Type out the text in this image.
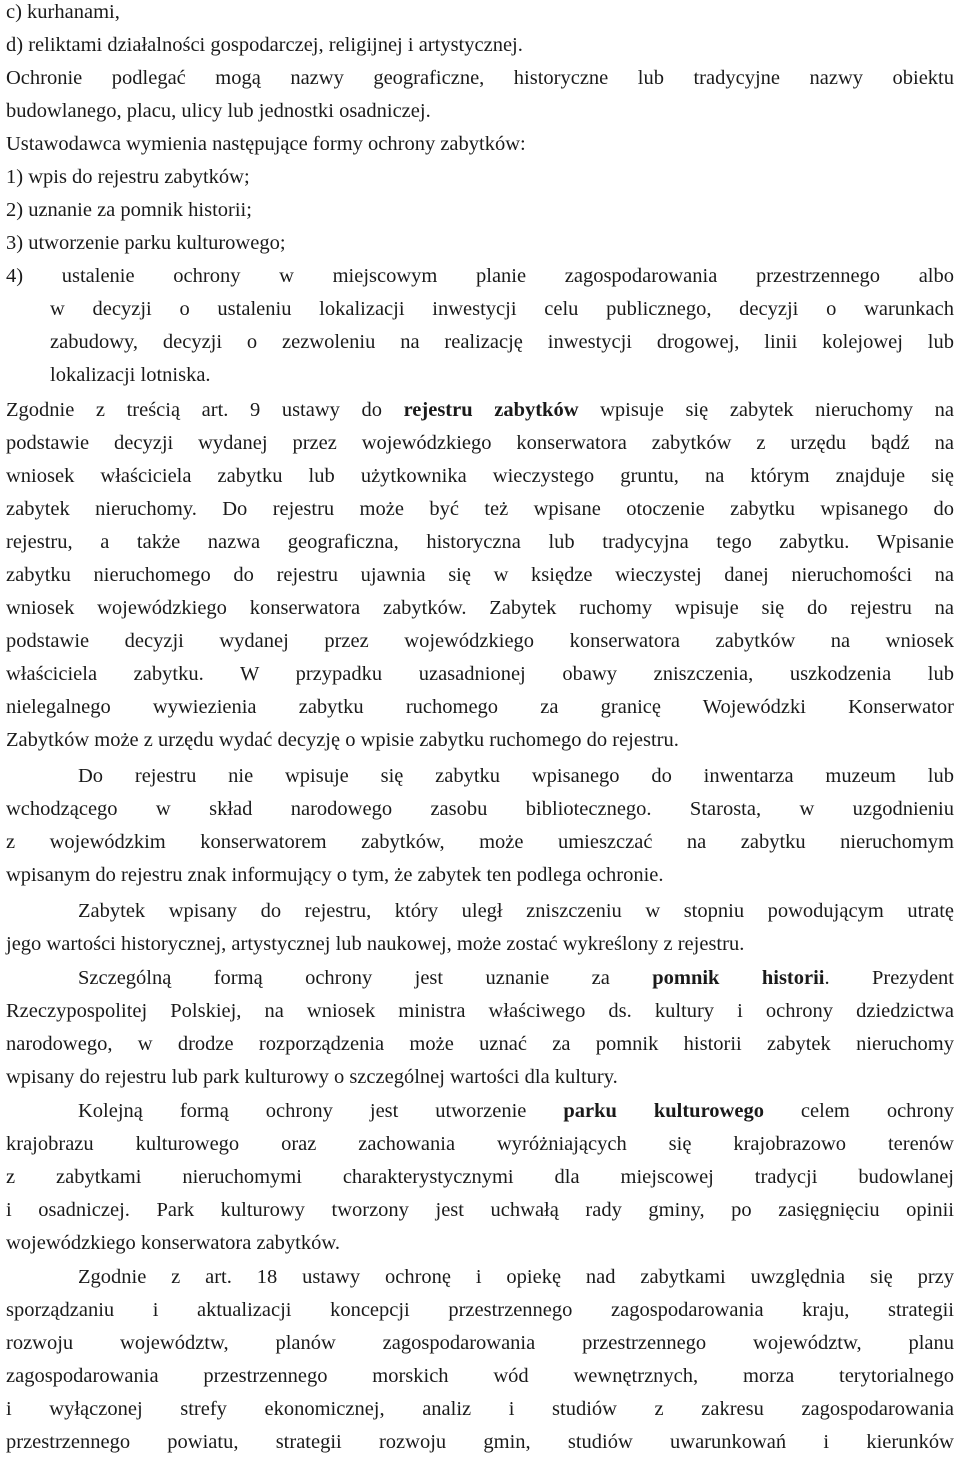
c) kurhanami,
d) reliktami działalności gospodarczej, religijnej i artystycznej.
Ochronie podlegać mogą nazwy geograficzne, historyczne lub tradycyjne nazwy obiektu
budowlanego, placu, ulicy lub jednostki osadniczej.
Ustawodawca wymienia następujące formy ochrony zabytków:
1) wpis do rejestru zabytków;
2) uznanie za pomnik historii;
3) utworzenie parku kulturowego;
4) ustalenie ochrony w miejscowym planie zagospodarowania przestrzennego albo
w decyzji o ustaleniu lokalizacji inwestycji celu publicznego, decyzji o warunkach
zabudowy, decyzji o zezwoleniu na realizację inwestycji drogowej, linii kolejowej lub
lokalizacji lotniska.
Zgodnie z treścią art. 9 ustawy do rejestru zabytków wpisuje się zabytek nieruchomy na
podstawie decyzji wydanej przez wojewódzkiego konserwatora zabytków z urzędu bądź na
wniosek właściciela zabytku lub użytkownika wieczystego gruntu, na którym znajduje się
zabytek nieruchomy. Do rejestru może być też wpisane otoczenie zabytku wpisanego do
rejestru, a także nazwa geograficzna, historyczna lub tradycyjna tego zabytku. Wpisanie
zabytku nieruchomego do rejestru ujawnia się w księdze wieczystej danej nieruchomości na
wniosek wojewódzkiego konserwatora zabytków. Zabytek ruchomy wpisuje się do rejestru na
podstawie decyzji wydanej przez wojewódzkiego konserwatora zabytków na wniosek
właściciela zabytku. W przypadku uzasadnionej obawy zniszczenia, uszkodzenia lub
nielegalnego wywiezienia zabytku ruchomego za granicę Wojewódzki Konserwator
Zabytków może z urzędu wydać decyzję o wpisie zabytku ruchomego do rejestru.
Do rejestru nie wpisuje się zabytku wpisanego do inwentarza muzeum lub
wchodzącego w skład narodowego zasobu bibliotecznego. Starosta, w uzgodnieniu
z wojewódzkim konserwatorem zabytków, może umieszczać na zabytku nieruchomym
wpisanym do rejestru znak informujący o tym, że zabytek ten podlega ochronie.
Zabytek wpisany do rejestru, który uległ zniszczeniu w stopniu powodującym utratę
jego wartości historycznej, artystycznej lub naukowej, może zostać wykreślony z rejestru.
Szczególną formą ochrony jest uznanie za pomnik historii. Prezydent
Rzeczypospolitej Polskiej, na wniosek ministra właściwego ds. kultury i ochrony dziedzictwa
narodowego, w drodze rozporządzenia może uznać za pomnik historii zabytek nieruchomy
wpisany do rejestru lub park kulturowy o szczególnej wartości dla kultury.
Kolejną formą ochrony jest utworzenie parku kulturowego celem ochrony
krajobrazu kulturowego oraz zachowania wyróżniających się krajobrazowo terenów
z zabytkami nieruchomymi charakterystycznymi dla miejscowej tradycji budowlanej
i osadniczej. Park kulturowy tworzony jest uchwałą rady gminy, po zasięgnięciu opinii
wojewódzkiego konserwatora zabytków.
Zgodnie z art. 18 ustawy ochronę i opiekę nad zabytkami uwzględnia się przy
sporządzaniu i aktualizacji koncepcji przestrzennego zagospodarowania kraju, strategii
rozwoju województw, planów zagospodarowania przestrzennego województw, planu
zagospodarowania przestrzennego morskich wód wewnętrznych, morza terytorialnego
i wyłączonej strefy ekonomicznej, analiz i studiów z zakresu zagospodarowania
przestrzennego powiatu, strategii rozwoju gmin, studiów uwarunkowań i kierunków
